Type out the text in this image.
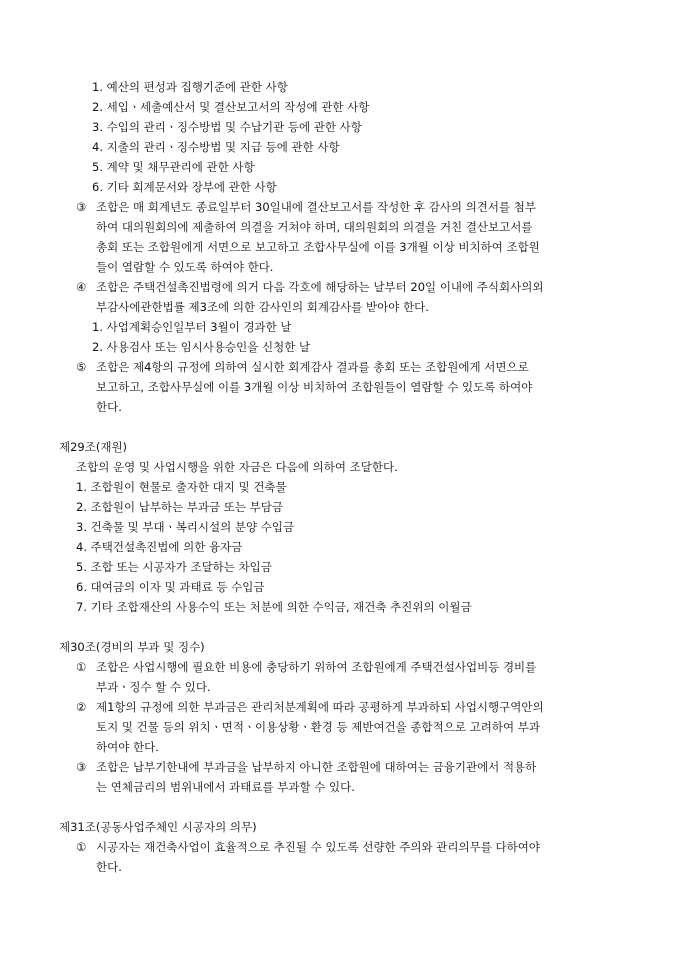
1. 예산의 편성과 집행기준에 관한 사항
2. 세입ㆍ세출예산서 및 결산보고서의 작성에 관한 사항
3. 수입의 관리ㆍ징수방법 및 수납기관 등에 관한 사항
4. 지출의 관리ㆍ징수방법 및 지급 등에 관한 사항
5. 계약 및 채무관리에 관한 사항
6. 기타 회계문서와 장부에 관한 사항
③ 조합은 매 회계년도 종료일부터 30일내에 결산보고서를 작성한 후 감사의 의견서를 첨부
하여 대의원회의에 제출하여 의결을 거쳐야 하며, 대의원회의 의결을 거친 결산보고서를
총회 또는 조합원에게 서면으로 보고하고 조합사무실에 이를 3개월 이상 비치하여 조합원
들이 열람할 수 있도록 하여야 한다.
④ 조합은 주택건설촉진법령에 의거 다음 각호에 해당하는 날부터 20일 이내에 주식회사의외
부감사에관한법률 제3조에 의한 감사인의 회계감사를 받아야 한다.
1. 사업계획승인일부터 3월이 경과한 날
2. 사용검사 또는 임시사용승인을 신청한 날
⑤ 조합은 제4항의 규정에 의하여 실시한 회계감사 결과를 총회 또는 조합원에게 서면으로
보고하고, 조합사무실에 이를 3개월 이상 비치하여 조합원들이 열람할 수 있도록 하여야
한다.
제29조(재원)
조합의 운영 및 사업시행을 위한 자금은 다음에 의하여 조달한다.
1. 조합원이 현물로 출자한 대지 및 건축물
2. 조합원이 납부하는 부과금 또는 부담금
3. 건축물 및 부대ㆍ복리시설의 분양 수입금
4. 주택건설촉진법에 의한 융자금
5. 조합 또는 시공자가 조달하는 차입금
6. 대여금의 이자 및 과태료 등 수입금
7. 기타 조합재산의 사용수익 또는 처분에 의한 수익금, 재건축 추진위의 이월금
제30조(경비의 부과 및 징수)
① 조합은 사업시행에 필요한 비용에 충당하기 위하여 조합원에게 주택건설사업비등 경비를
부과ㆍ징수 할 수 있다.
② 제1항의 규정에 의한 부과금은 관리처분계획에 따라 공평하게 부과하되 사업시행구역안의
토지 및 건물 등의 위치ㆍ면적ㆍ이용상황ㆍ환경 등 제반여건을 종합적으로 고려하여 부과
하여야 한다.
③ 조합은 납부기한내에 부과금을 납부하지 아니한 조합원에 대하여는 금융기관에서 적용하
는 연체금리의 범위내에서 과태료를 부과할 수 있다.
제31조(공동사업주체인 시공자의 의무)
① 시공자는 재건축사업이 효율적으로 추진될 수 있도록 선량한 주의와 관리의무를 다하여야
한다.
